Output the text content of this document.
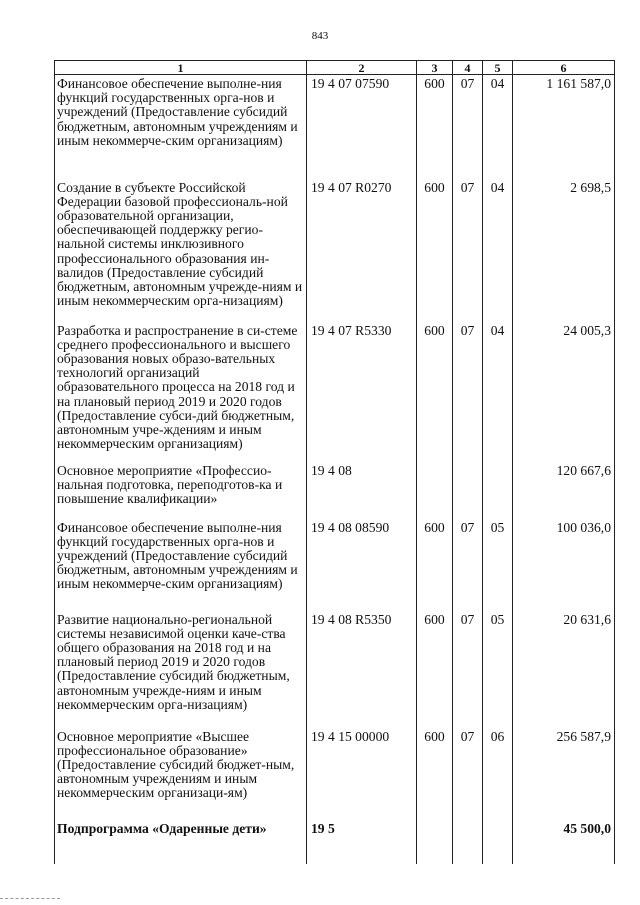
843
1	2	3	4	5	6
Финансовое обеспечение выполне-ния функций государственных орга-нов и учреждений (Предоставление субсидий бюджетным, автономным учреждениям и иным некоммерче-ским организациям)	19 4 07 07590	600	07	04	1 161 587,0
Создание в субъекте Российской Федерации базовой профессиональ-ной образовательной организации, обеспечивающей поддержку регио-нальной системы инклюзивного профессионального образования ин-валидов (Предоставление субсидий бюджетным, автономным учрежде-ниям и иным некоммерческим орга-низациям)	19 4 07 R0270	600	07	04	2 698,5
Разработка и распространение в си-стеме среднего профессионального и высшего образования новых образо-вательных технологий организаций образовательного процесса на 2018 год и на плановый период 2019 и 2020 годов (Предоставление субси-дий бюджетным, автономным учре-ждениям и иным некоммерческим организациям)	19 4 07 R5330	600	07	04	24 005,3
Основное мероприятие «Профессио-нальная подготовка, переподготов-ка и повышение квалификации»	19 4 08				120 667,6
Финансовое обеспечение выполне-ния функций государственных орга-нов и учреждений (Предоставление субсидий бюджетным, автономным учреждениям и иным некоммерче-ским организациям)	19 4 08 08590	600	07	05	100 036,0
Развитие национально-региональной системы независимой оценки каче-ства общего образования на 2018 год и на плановый период 2019 и 2020 годов (Предоставление субсидий бюджетным, автономным учрежде-ниям и иным некоммерческим орга-низациям)	19 4 08 R5350	600	07	05	20 631,6
Основное мероприятие «Высшее профессиональное образование» (Предоставление субсидий бюджет-ным, автономным учреждениям и иным некоммерческим организаци-ям)	19 4 15 00000	600	07	06	256 587,9
Подпрограмма «Одаренные дети»	19 5				45 500,0
